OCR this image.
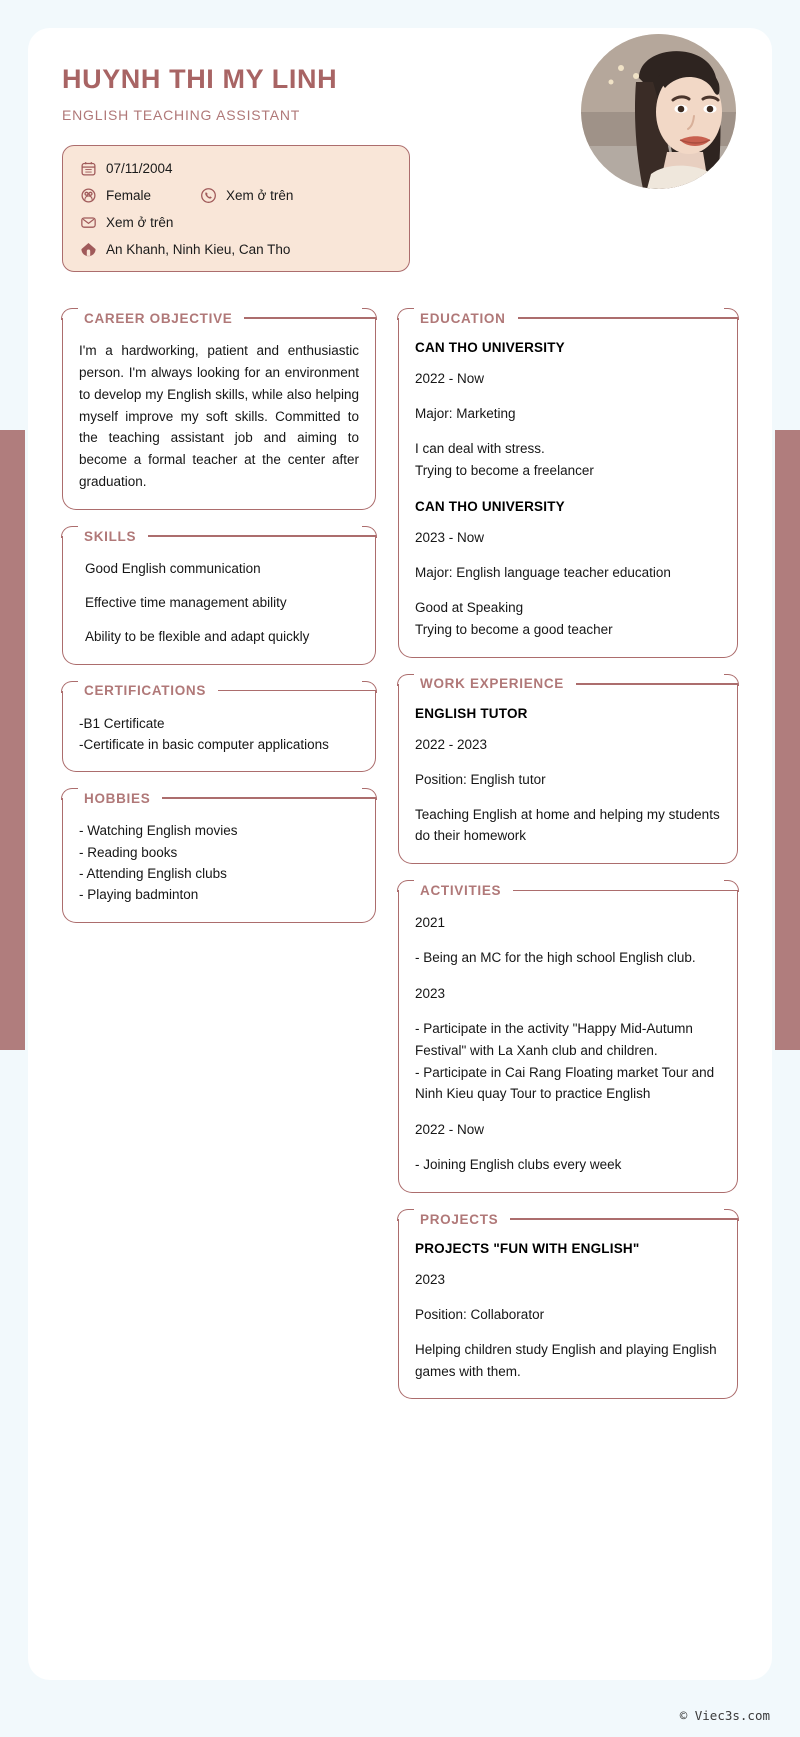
HUYNH THI MY LINH
ENGLISH TEACHING ASSISTANT
07/11/2004
Female	Xem ở trên
Xem ở trên
An Khanh, Ninh Kieu, Can Tho
CAREER OBJECTIVE
I'm a hardworking, patient and enthusiastic person. I'm always looking for an environment to develop my English skills, while also helping myself improve my soft skills. Committed to the teaching assistant job and aiming to become a formal teacher at the center after graduation.
SKILLS
Good English communication
Effective time management ability
Ability to be flexible and adapt quickly
CERTIFICATIONS
-B1 Certificate
-Certificate in basic computer applications
HOBBIES
- Watching English movies
- Reading books
- Attending English clubs
- Playing badminton
EDUCATION
CAN THO UNIVERSITY
2022 - Now
Major: Marketing
I can deal with stress.
Trying to become a freelancer
CAN THO UNIVERSITY
2023 - Now
Major: English language teacher education
Good at Speaking
Trying to become a good teacher
WORK EXPERIENCE
ENGLISH TUTOR
2022 - 2023
Position: English tutor
Teaching English at home and helping my students do their homework
ACTIVITIES
2021
- Being an MC for the high school English club.
2023
- Participate in the activity "Happy Mid-Autumn Festival" with La Xanh club and children.
- Participate in Cai Rang Floating market Tour and Ninh Kieu quay Tour to practice English
2022 - Now
- Joining English clubs every week
PROJECTS
PROJECTS "FUN WITH ENGLISH"
2023
Position: Collaborator
Helping children study English and playing English games with them.
© Viec3s.com
